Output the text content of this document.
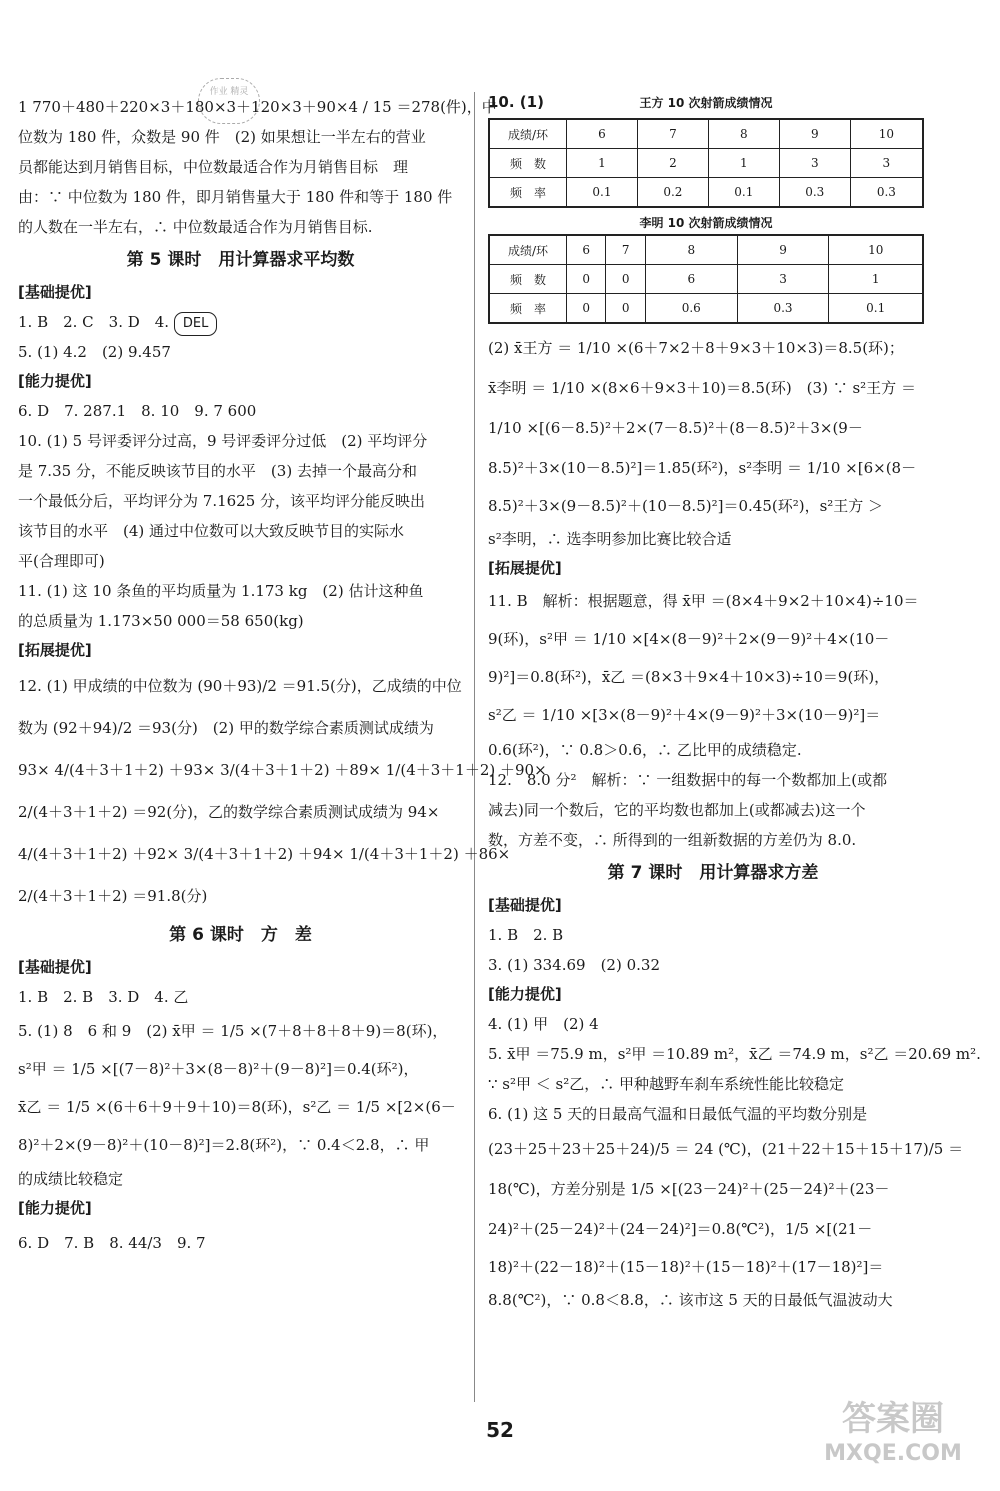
作业 精灵
1 770＋480＋220×3＋180×3＋120×3＋90×4 / 15 ＝278(件)，中
位数为 180 件，众数是 90 件　(2) 如果想让一半左右的营业
员都能达到月销售目标，中位数最适合作为月销售目标　理
由：∵ 中位数为 180 件，即月销售量大于 180 件和等于 180 件
的人数在一半左右，∴ 中位数最适合作为月销售目标.
第 5 课时　用计算器求平均数
[基础提优]
1. B　2. C　3. D　4. DEL
5. (1) 4.2　(2) 9.457
[能力提优]
6. D　7. 287.1　8. 10　9. 7 600
10. (1) 5 号评委评分过高，9 号评委评分过低　(2) 平均评分
是 7.35 分，不能反映该节目的水平　(3) 去掉一个最高分和
一个最低分后，平均评分为 7.1625 分，该平均评分能反映出
该节目的水平　(4) 通过中位数可以大致反映节目的实际水
平(合理即可)
11. (1) 这 10 条鱼的平均质量为 1.173 kg　(2) 估计这种鱼
的总质量为 1.173×50 000＝58 650(kg)
[拓展提优]
12. (1) 甲成绩的中位数为 (90＋93)/2 ＝91.5(分)，乙成绩的中位
数为 (92＋94)/2 ＝93(分)　(2) 甲的数学综合素质测试成绩为
93× 4/(4＋3＋1＋2) ＋93× 3/(4＋3＋1＋2) ＋89× 1/(4＋3＋1＋2) ＋90×
2/(4＋3＋1＋2) ＝92(分)，乙的数学综合素质测试成绩为 94×
4/(4＋3＋1＋2) ＋92× 3/(4＋3＋1＋2) ＋94× 1/(4＋3＋1＋2) ＋86×
2/(4＋3＋1＋2) ＝91.8(分)
第 6 课时　方　差
[基础提优]
1. B　2. B　3. D　4. 乙
5. (1) 8　6 和 9　(2) x̄甲 ＝ 1/5 ×(7＋8＋8＋8＋9)＝8(环)，
s²甲 ＝ 1/5 ×[(7－8)²＋3×(8－8)²＋(9－8)²]＝0.4(环²)，
x̄乙 ＝ 1/5 ×(6＋6＋9＋9＋10)＝8(环)，s²乙 ＝ 1/5 ×[2×(6－
8)²＋2×(9－8)²＋(10－8)²]＝2.8(环²)，∵ 0.4＜2.8，∴ 甲
的成绩比较稳定
[能力提优]
6. D　7. B　8. 44/3　9. 7
10. (1)	王方 10 次射箭成绩情况
成绩/环	6	7	8	9	10
频　数	1	2	1	3	3
频　率	0.1	0.2	0.1	0.3	0.3
李明 10 次射箭成绩情况
成绩/环	6	7	8	9	10
频　数	0	0	6	3	1
频　率	0	0	0.6	0.3	0.1
(2) x̄王方 ＝ 1/10 ×(6＋7×2＋8＋9×3＋10×3)＝8.5(环)；
x̄李明 ＝ 1/10 ×(8×6＋9×3＋10)＝8.5(环)　(3) ∵ s²王方 ＝
1/10 ×[(6－8.5)²＋2×(7－8.5)²＋(8－8.5)²＋3×(9－
8.5)²＋3×(10－8.5)²]＝1.85(环²)，s²李明 ＝ 1/10 ×[6×(8－
8.5)²＋3×(9－8.5)²＋(10－8.5)²]＝0.45(环²)，s²王方 ＞
s²李明，∴ 选李明参加比赛比较合适
[拓展提优]
11. B　解析：根据题意，得 x̄甲 ＝(8×4＋9×2＋10×4)÷10＝
9(环)，s²甲 ＝ 1/10 ×[4×(8－9)²＋2×(9－9)²＋4×(10－
9)²]＝0.8(环²)，x̄乙 ＝(8×3＋9×4＋10×3)÷10＝9(环)，
s²乙 ＝ 1/10 ×[3×(8－9)²＋4×(9－9)²＋3×(10－9)²]＝
0.6(环²)，∵ 0.8＞0.6，∴ 乙比甲的成绩稳定.
12.　8.0 分²　解析：∵ 一组数据中的每一个数都加上(或都
减去)同一个数后，它的平均数也都加上(或都减去)这一个
数，方差不变，∴ 所得到的一组新数据的方差仍为 8.0.
第 7 课时　用计算器求方差
[基础提优]
1. B　2. B
3. (1) 334.69　(2) 0.32
[能力提优]
4. (1) 甲　(2) 4
5. x̄甲 ＝75.9 m，s²甲 ＝10.89 m²，x̄乙 ＝74.9 m，s²乙 ＝20.69 m².
∵ s²甲 ＜ s²乙，∴ 甲种越野车刹车系统性能比较稳定
6. (1) 这 5 天的日最高气温和日最低气温的平均数分别是
(23＋25＋23＋25＋24)/5 ＝ 24 (℃)，(21＋22＋15＋15＋17)/5 ＝
18(℃)，方差分别是 1/5 ×[(23－24)²＋(25－24)²＋(23－
24)²＋(25－24)²＋(24－24)²]＝0.8(℃²)，1/5 ×[(21－
18)²＋(22－18)²＋(15－18)²＋(15－18)²＋(17－18)²]＝
8.8(℃²)，∵ 0.8＜8.8，∴ 该市这 5 天的日最低气温波动大
52	答案圈
MXQE.COM
